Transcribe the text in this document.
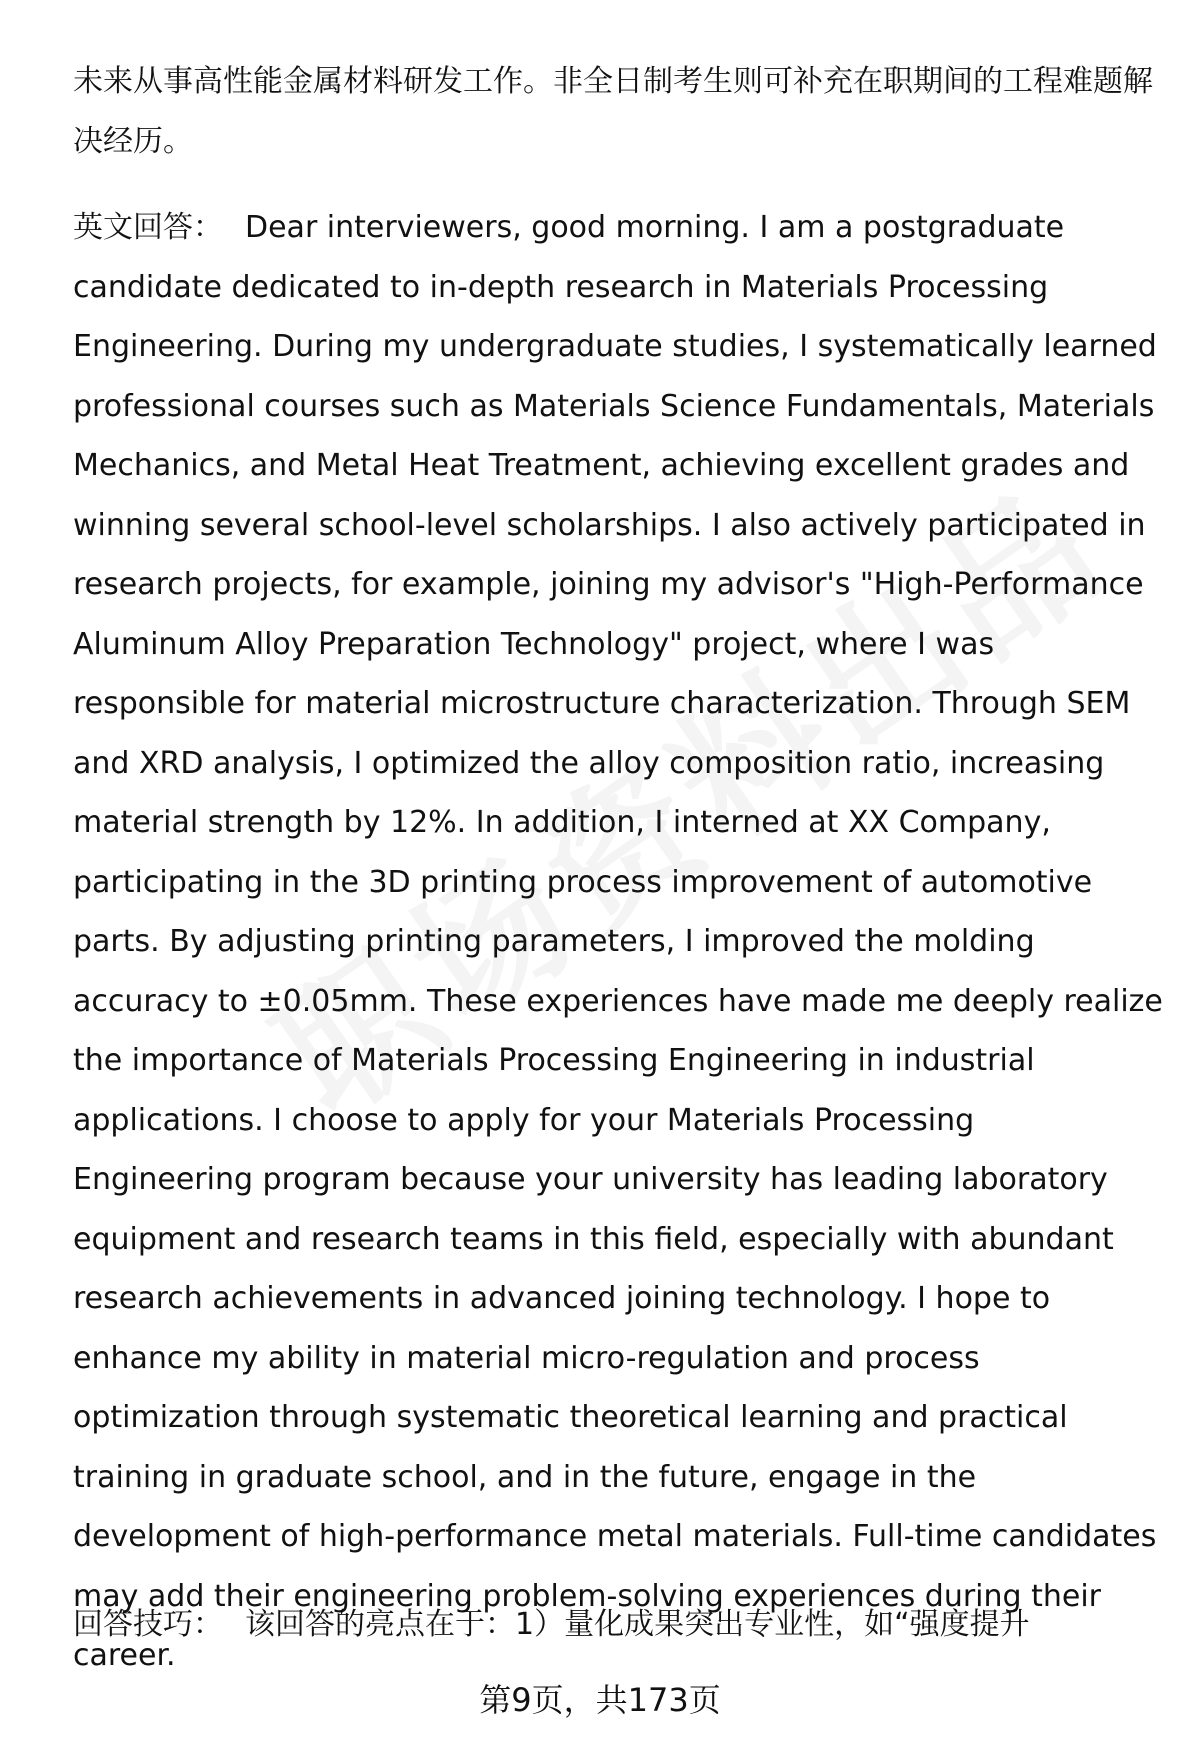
未来从事高性能金属材料研发工作。非全日制考生则可补充在职期间的工程难题解决经历。

英文回答： Dear interviewers, good morning. I am a postgraduate candidate dedicated to in-depth research in Materials Processing Engineering. During my undergraduate studies, I systematically learned professional courses such as Materials Science Fundamentals, Materials Mechanics, and Metal Heat Treatment, achieving excellent grades and winning several school-level scholarships. I also actively participated in research projects, for example, joining my advisor's "High-Performance Aluminum Alloy Preparation Technology" project, where I was responsible for material microstructure characterization. Through SEM and XRD analysis, I optimized the alloy composition ratio, increasing material strength by 12%. In addition, I interned at XX Company, participating in the 3D printing process improvement of automotive parts. By adjusting printing parameters, I improved the molding accuracy to ±0.05mm. These experiences have made me deeply realize the importance of Materials Processing Engineering in industrial applications. I choose to apply for your Materials Processing Engineering program because your university has leading laboratory equipment and research teams in this field, especially with abundant research achievements in advanced joining technology. I hope to enhance my ability in material micro-regulation and process optimization through systematic theoretical learning and practical training in graduate school, and in the future, engage in the development of high-performance metal materials. Full-time candidates may add their engineering problem-solving experiences during their career.

回答技巧： 该回答的亮点在于：1）量化成果突出专业性，如“强度提升

第9页，共173页
